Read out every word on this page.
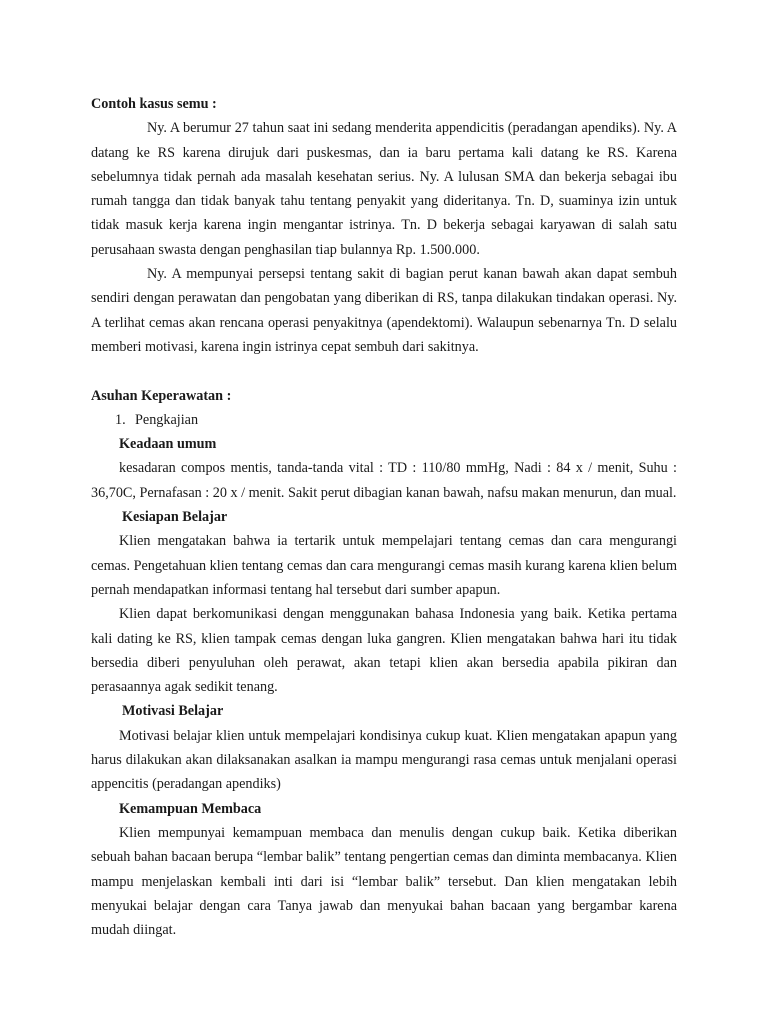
Contoh kasus semu :

Ny. A berumur 27 tahun saat ini sedang menderita appendicitis (peradangan apendiks). Ny. A datang ke RS karena dirujuk dari puskesmas, dan ia baru pertama kali datang ke RS. Karena sebelumnya tidak pernah ada masalah kesehatan serius. Ny. A lulusan SMA dan bekerja sebagai ibu rumah tangga dan tidak banyak tahu tentang penyakit yang dideritanya. Tn. D, suaminya izin untuk tidak masuk kerja karena ingin mengantar istrinya. Tn. D bekerja sebagai karyawan di salah satu perusahaan swasta dengan penghasilan tiap bulannya Rp. 1.500.000.

Ny. A mempunyai persepsi tentang sakit di bagian perut kanan bawah akan dapat sembuh sendiri dengan perawatan dan pengobatan yang diberikan di RS, tanpa dilakukan tindakan operasi. Ny. A terlihat cemas akan rencana operasi penyakitnya (apendektomi). Walaupun sebenarnya Tn. D selalu memberi motivasi, karena ingin istrinya cepat sembuh dari sakitnya.

Asuhan Keperawatan :

1. Pengkajian

Keadaan umum

kesadaran compos mentis, tanda-tanda vital : TD : 110/80 mmHg, Nadi : 84 x / menit, Suhu : 36,70C, Pernafasan : 20 x / menit. Sakit perut dibagian kanan bawah, nafsu makan menurun, dan mual.

Kesiapan Belajar

Klien mengatakan bahwa ia tertarik untuk mempelajari tentang cemas dan cara mengurangi cemas. Pengetahuan klien tentang cemas dan cara mengurangi cemas masih kurang karena klien belum pernah mendapatkan informasi tentang hal tersebut dari sumber apapun.

Klien dapat berkomunikasi dengan menggunakan bahasa Indonesia yang baik. Ketika pertama kali dating ke RS, klien tampak cemas dengan luka gangren. Klien mengatakan bahwa hari itu tidak bersedia diberi penyuluhan oleh perawat, akan tetapi klien akan bersedia apabila pikiran dan perasaannya agak sedikit tenang.

Motivasi Belajar

Motivasi belajar klien untuk mempelajari kondisinya cukup kuat. Klien mengatakan apapun yang harus dilakukan akan dilaksanakan asalkan ia mampu mengurangi rasa cemas untuk menjalani operasi appencitis (peradangan apendiks)

Kemampuan Membaca

Klien mempunyai kemampuan membaca dan menulis dengan cukup baik. Ketika diberikan sebuah bahan bacaan berupa “lembar balik” tentang pengertian cemas dan diminta membacanya. Klien mampu menjelaskan kembali inti dari isi “lembar balik” tersebut. Dan klien mengatakan lebih menyukai belajar dengan cara Tanya jawab dan menyukai bahan bacaan yang bergambar karena mudah diingat.
